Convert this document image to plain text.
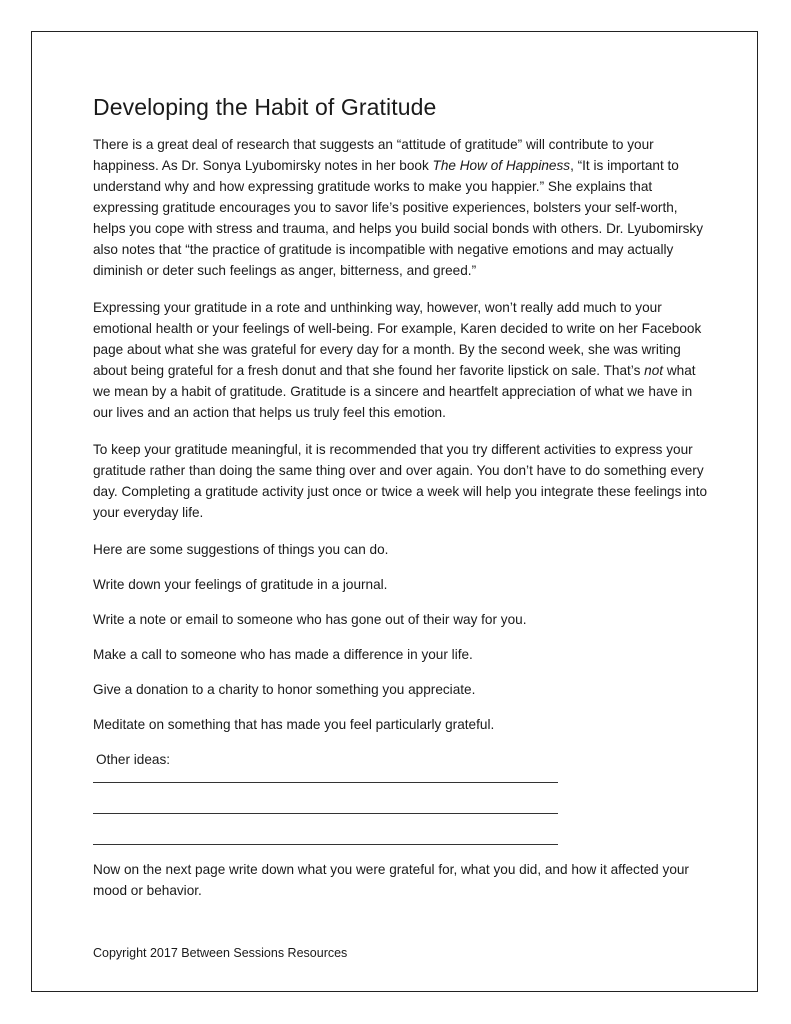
Developing the Habit of Gratitude

There is a great deal of research that suggests an “attitude of gratitude” will contribute to your happiness. As Dr. Sonya Lyubomirsky notes in her book The How of Happiness, “It is important to understand why and how expressing gratitude works to make you happier.” She explains that expressing gratitude encourages you to savor life’s positive experiences, bolsters your self-worth, helps you cope with stress and trauma, and helps you build social bonds with others. Dr. Lyubomirsky also notes that “the practice of gratitude is incompatible with negative emotions and may actually diminish or deter such feelings as anger, bitterness, and greed.”

Expressing your gratitude in a rote and unthinking way, however, won’t really add much to your emotional health or your feelings of well-being. For example, Karen decided to write on her Facebook page about what she was grateful for every day for a month. By the second week, she was writing about being grateful for a fresh donut and that she found her favorite lipstick on sale. That’s not what we mean by a habit of gratitude. Gratitude is a sincere and heartfelt appreciation of what we have in our lives and an action that helps us truly feel this emotion.

To keep your gratitude meaningful, it is recommended that you try different activities to express your gratitude rather than doing the same thing over and over again. You don’t have to do something every day. Completing a gratitude activity just once or twice a week will help you integrate these feelings into your everyday life.

Here are some suggestions of things you can do.

Write down your feelings of gratitude in a journal.

Write a note or email to someone who has gone out of their way for you.

Make a call to someone who has made a difference in your life.

Give a donation to a charity to honor something you appreciate.

Meditate on something that has made you feel particularly grateful.

Other ideas:

Now on the next page write down what you were grateful for, what you did, and how it affected your mood or behavior.

Copyright 2017 Between Sessions Resources
